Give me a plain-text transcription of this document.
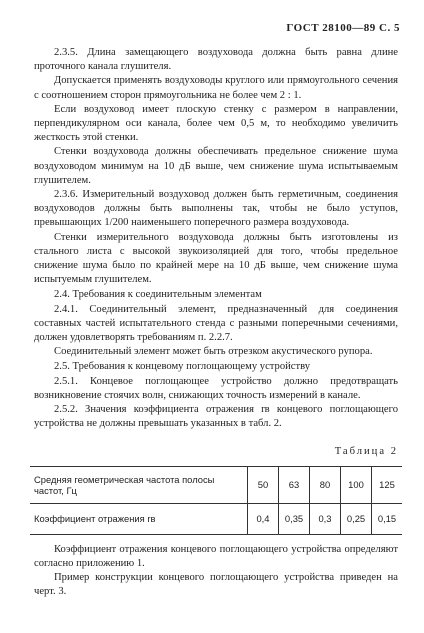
ГОСТ 28100—89 С. 5

2.3.5. Длина замещающего воздуховода должна быть равна длине проточного канала глушителя.

Допускается применять воздуховоды круглого или прямоугольного сечения с соотношением сторон прямоугольника не более чем 2 : 1.

Если воздуховод имеет плоскую стенку с размером в направлении, перпендикулярном оси канала, более чем 0,5 м, то необходимо увеличить жесткость этой стенки.

Стенки воздуховода должны обеспечивать предельное снижение шума воздуховодом минимум на 10 дБ выше, чем снижение шума испытываемым глушителем.

2.3.6. Измерительный воздуховод должен быть герметичным, соединения воздуховодов должны быть выполнены так, чтобы не было уступов, превышающих 1/200 наименьшего поперечного размера воздуховода.

Стенки измерительного воздуховода должны быть изготовлены из стального листа с высокой звукоизоляцией для того, чтобы предельное снижение шума было по крайней мере на 10 дБ выше, чем снижение шума испытуемым глушителем.

2.4. Требования к соединительным элементам

2.4.1. Соединительный элемент, предназначенный для соединения составных частей испытательного стенда с разными поперечными сечениями, должен удовлетворять требованиям п. 2.2.7.

Соединительный элемент может быть отрезком акустического рупора.

2.5. Требования к концевому поглощающему устройству

2.5.1. Концевое поглощающее устройство должно предотвращать возникновение стоячих волн, снижающих точность измерений в канале.

2.5.2. Значения коэффициента отражения rв концевого поглощающего устройства не должны превышать указанных в табл. 2.

Таблица 2
Средняя геометрическая частота полосы частот, Гц	50	63	80	100	125
Коэффициент отражения rв	0,4	0,35	0,3	0,25	0,15

Коэффициент отражения концевого поглощающего устройства определяют согласно приложению 1.

Пример конструкции концевого поглощающего устройства приведен на черт. 3.
